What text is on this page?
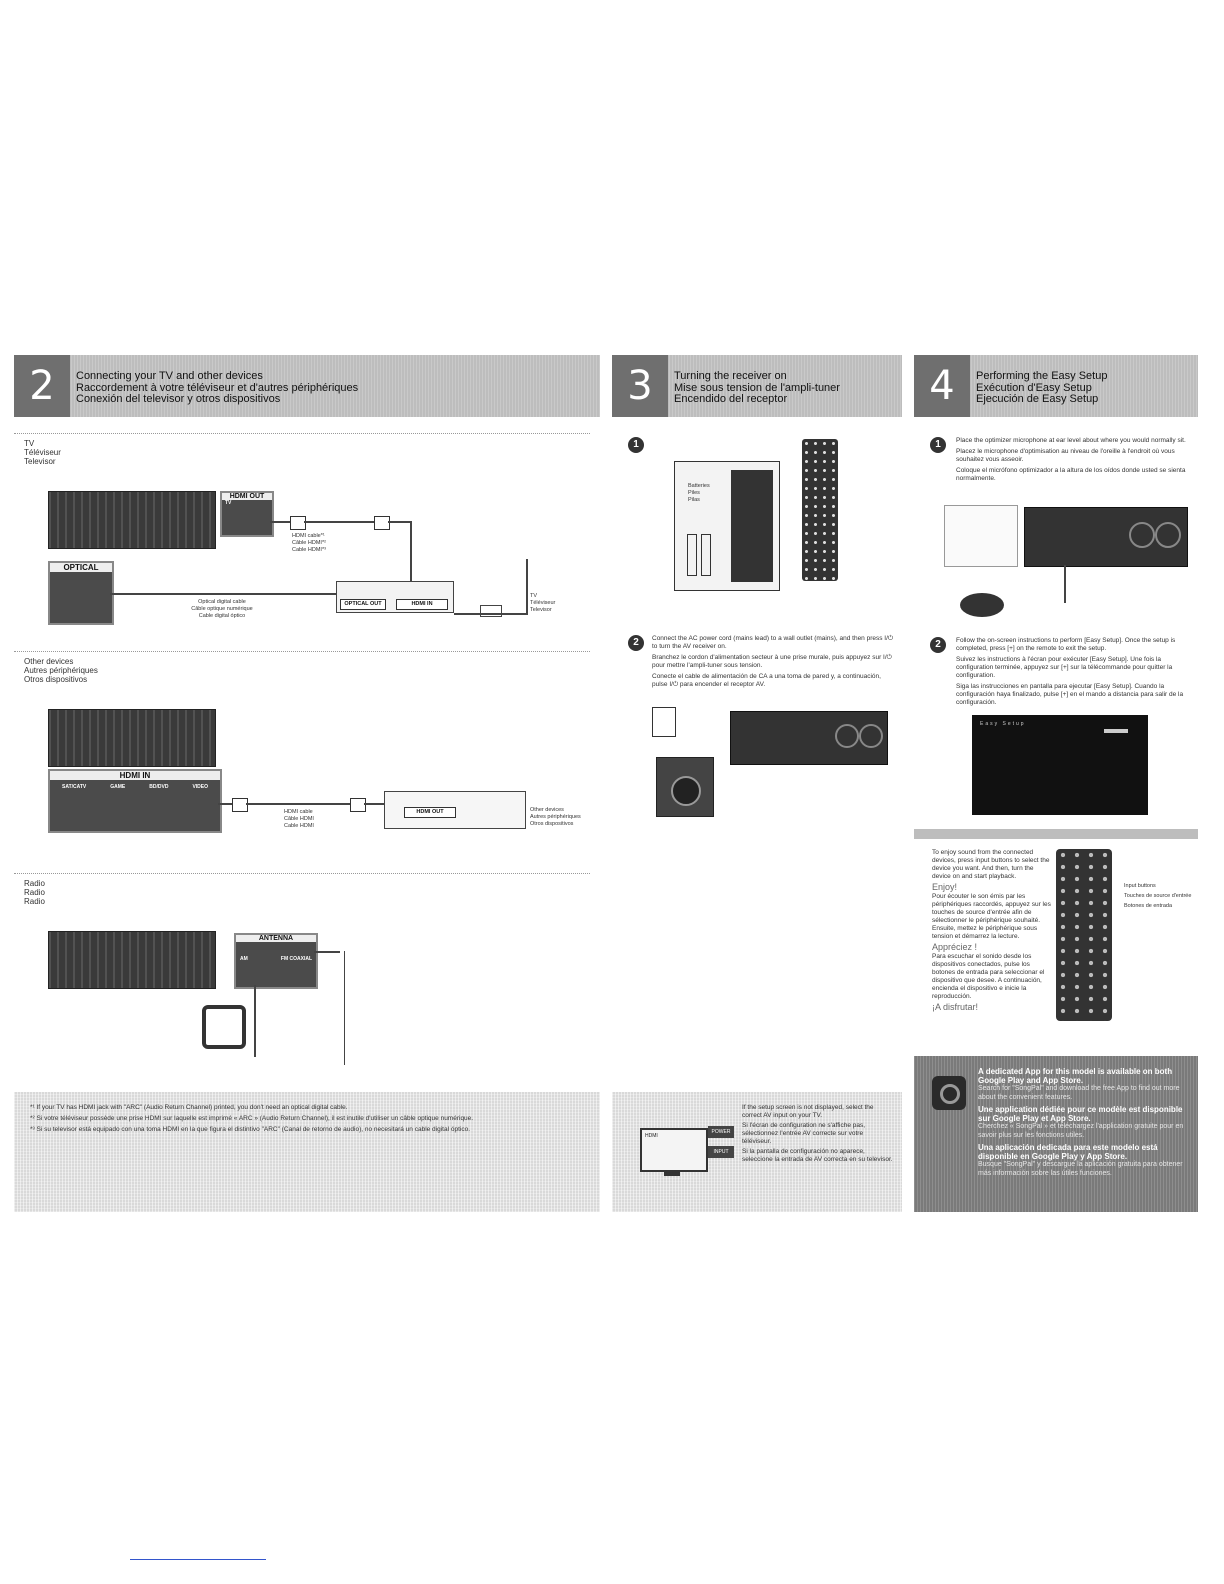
2	Connecting your TV and other devices
Raccordement à votre téléviseur et d'autres périphériques
Conexión del televisor y otros dispositivos
TV
Téléviseur
Televisor
HDMI OUT
TV
OPTICAL
HDMI cable*¹
Câble HDMI*²
Cable HDMI*³
Optical digital cable
Câble optique numérique
Cable digital óptico
OPTICAL OUT	HDMI IN
TV
Téléviseur
Televisor
Other devices
Autres périphériques
Otros dispositivos
HDMI IN
SAT/CATV	GAME	BD/DVD	VIDEO
HDMI cable
Câble HDMI
Cable HDMI
HDMI OUT	Other devices
Autres périphériques
Otros dispositivos
Radio
Radio
Radio
ANTENNA
AM	FM COAXIAL
*¹ If your TV has HDMI jack with "ARC" (Audio Return Channel) printed, you don't need an optical digital cable.
*² Si votre téléviseur possède une prise HDMI sur laquelle est imprimé « ARC » (Audio Return Channel), il est inutile d'utiliser un câble optique numérique.
*³ Si su televisor está equipado con una toma HDMI en la que figura el distintivo "ARC" (Canal de retorno de audio), no necesitará un cable digital óptico.
3	Turning the receiver on
Mise sous tension de l'ampli-tuner
Encendido del receptor
1
Batteries
Piles
Pilas
2	Connect the AC power cord (mains lead) to a wall outlet (mains), and then press I/⏻ to turn the AV receiver on.
Branchez le cordon d'alimentation secteur à une prise murale, puis appuyez sur I/⏻ pour mettre l'ampli-tuner sous tension.
Conecte el cable de alimentación de CA a una toma de pared y, a continuación, pulse I/⏻ para encender el receptor AV.
HDMI
POWER
INPUT
If the setup screen is not displayed, select the correct AV input on your TV.
Si l'écran de configuration ne s'affiche pas, sélectionnez l'entrée AV correcte sur votre téléviseur.
Si la pantalla de configuración no aparece, seleccione la entrada de AV correcta en su televisor.
4	Performing the Easy Setup
Exécution d'Easy Setup
Ejecución de Easy Setup
1	Place the optimizer microphone at ear level about where you would normally sit.
Placez le microphone d'optimisation au niveau de l'oreille à l'endroit où vous souhaitez vous asseoir.
Coloque el micrófono optimizador a la altura de los oídos donde usted se sienta normalmente.
2	Follow the on-screen instructions to perform [Easy Setup]. Once the setup is completed, press [+] on the remote to exit the setup.
Suivez les instructions à l'écran pour exécuter [Easy Setup]. Une fois la configuration terminée, appuyez sur [+] sur la télécommande pour quitter la configuration.
Siga las instrucciones en pantalla para ejecutar [Easy Setup]. Cuando la configuración haya finalizado, pulse [+] en el mando a distancia para salir de la configuración.
Easy Setup
To enjoy sound from the connected devices, press input buttons to select the device you want. And then, turn the device on and start playback.
Enjoy!
Pour écouter le son émis par les périphériques raccordés, appuyez sur les touches de source d'entrée afin de sélectionner le périphérique souhaité. Ensuite, mettez le périphérique sous tension et démarrez la lecture.
Appréciez !
Para escuchar el sonido desde los dispositivos conectados, pulse los botones de entrada para seleccionar el dispositivo que desee. A continuación, encienda el dispositivo e inicie la reproducción.
¡A disfrutar!
Input buttons
Touches de source d'entrée
Botones de entrada
A dedicated App for this model is available on both Google Play and App Store.
Search for "SongPal" and download the free App to find out more about the convenient features.
Une application dédiée pour ce modèle est disponible sur Google Play et App Store.
Cherchez « SongPal » et téléchargez l'application gratuite pour en savoir plus sur les fonctions utiles.
Una aplicación dedicada para este modelo está disponible en Google Play y App Store.
Busque "SongPal" y descargue la aplicación gratuita para obtener más información sobre las útiles funciones.
